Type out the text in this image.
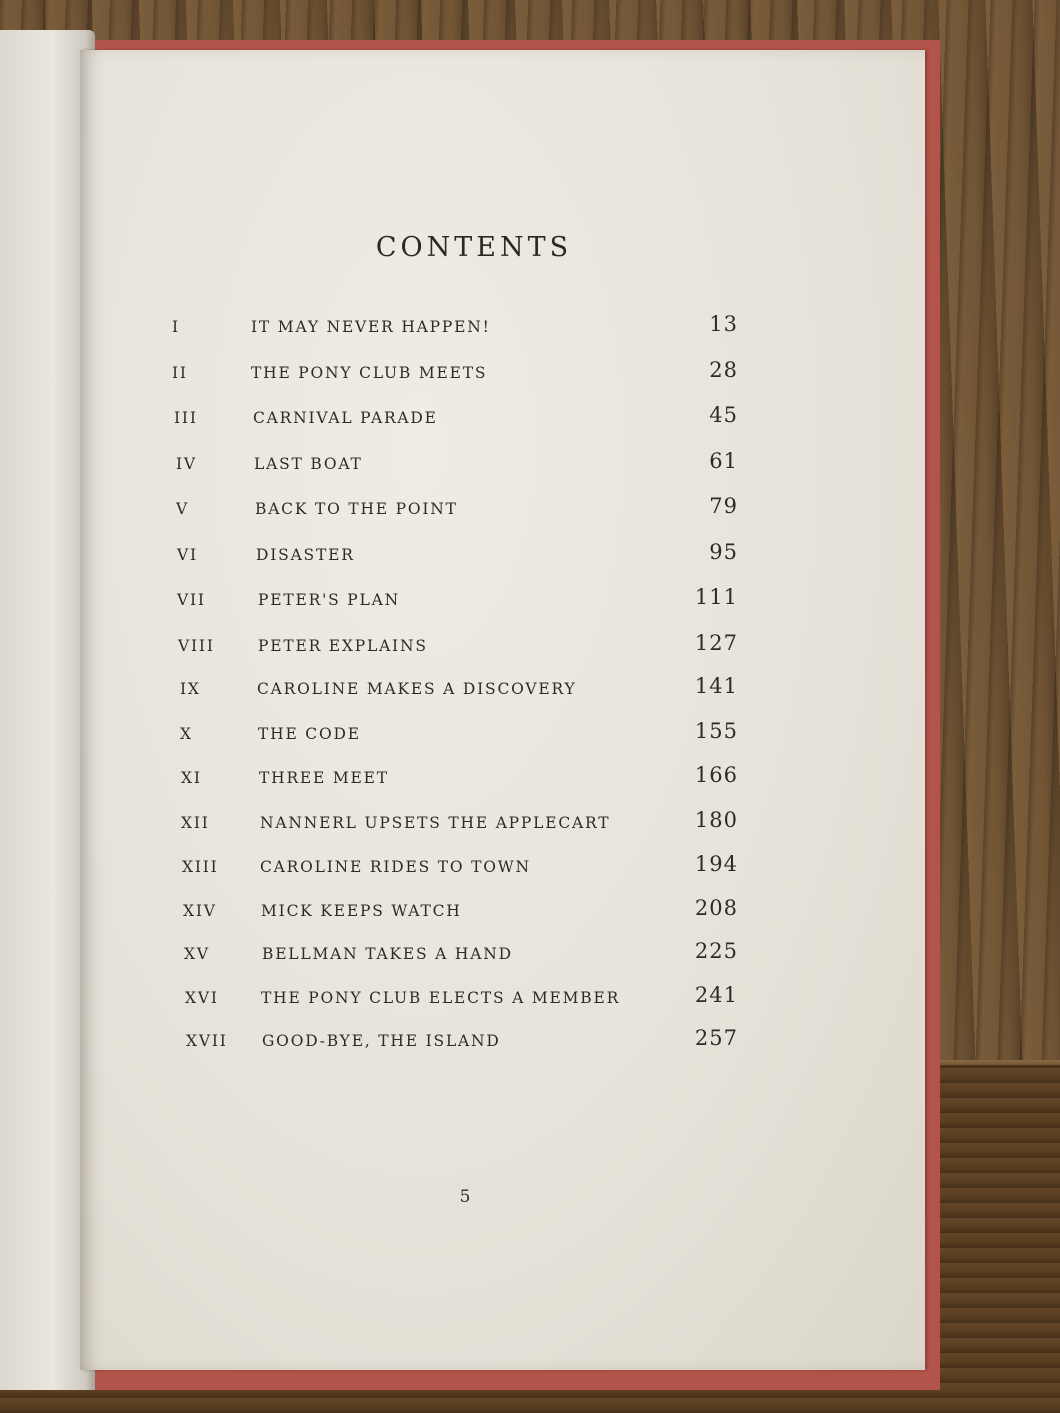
CONTENTS
I	IT MAY NEVER HAPPEN!	13
II	THE PONY CLUB MEETS	28
III	CARNIVAL PARADE	45
IV	LAST BOAT	61
V	BACK TO THE POINT	79
VI	DISASTER	95
VII	PETER'S PLAN	111
VIII	PETER EXPLAINS	127
IX	CAROLINE MAKES A DISCOVERY	141
X	THE CODE	155
XI	THREE MEET	166
XII	NANNERL UPSETS THE APPLECART	180
XIII	CAROLINE RIDES TO TOWN	194
XIV	MICK KEEPS WATCH	208
XV	BELLMAN TAKES A HAND	225
XVI	THE PONY CLUB ELECTS A MEMBER	241
XVII GOOD-BYE, THE ISLAND	257
5
